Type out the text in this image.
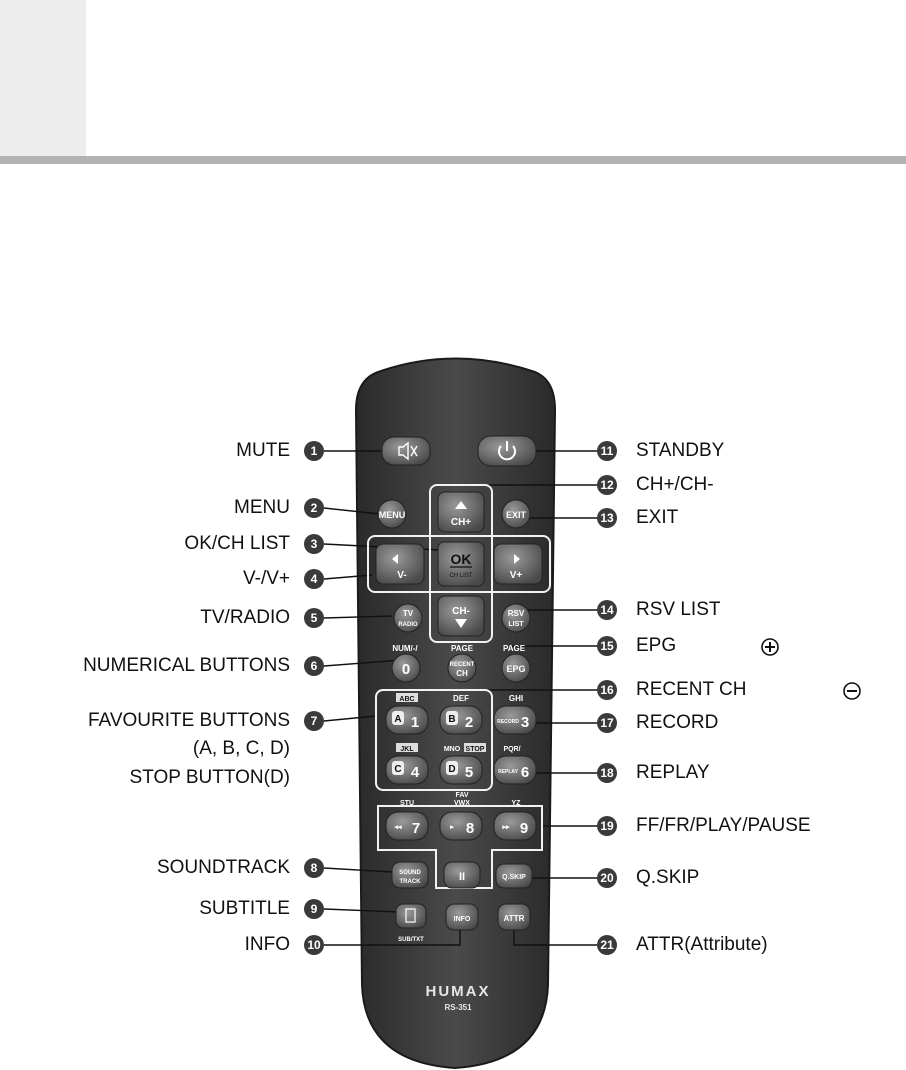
MUTE
MENU
OK/CH LIST
V-/V+
TV/RADIO
NUMERICAL BUTTONS
FAVOURITE BUTTONS
(A, B, C, D)
STOP BUTTON(D)
SOUNDTRACK
SUBTITLE
INFO
1
2
3
4
5
6
7
8
9
10
11
12
13
14
15
16
17
18
19
20
21
STANDBY
CH+/CH-
EXIT
RSV LIST
EPG
RECENT CH
RECORD
REPLAY
FF/FR/PLAY/PAUSE
Q.SKIP
ATTR(Attribute)
MENU	EXIT
CH+
V-
OK
CH LIST	V+
CH-
TV
RADIO
RSV
LIST
NUM/-/	PAGE	PAGE
0	RECENT
CH	EPG
ABC	DEF	GHI
A 1	B 2	RECORD 3
JKL	MNO STOP	PQR/
C 4	D 5	REPLAY 6
FAV
STU	VWX	YZ
◂◂ 7	▸ 8	▸▸ 9
SOUND
TRACK	II	Q.SKIP
SUB/TXT
INFO	ATTR
HUMAX
RS-351
